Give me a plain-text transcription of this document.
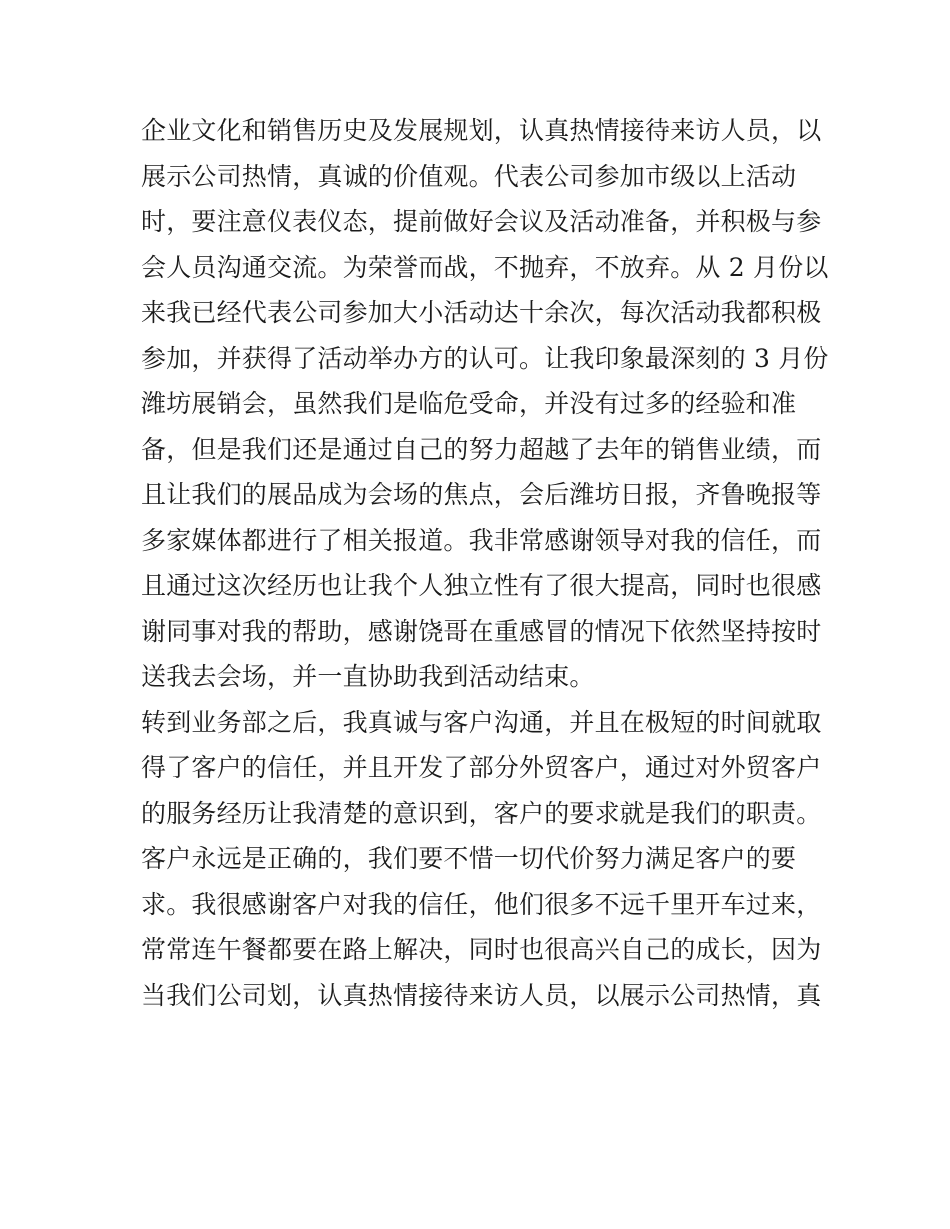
企业文化和销售历史及发展规划，认真热情接待来访人员，以
展示公司热情，真诚的价值观。代表公司参加市级以上活动
时，要注意仪表仪态，提前做好会议及活动准备，并积极与参
会人员沟通交流。为荣誉而战，不抛弃，不放弃。从 2 月份以
来我已经代表公司参加大小活动达十余次，每次活动我都积极
参加，并获得了活动举办方的认可。让我印象最深刻的 3 月份
潍坊展销会，虽然我们是临危受命，并没有过多的经验和准
备，但是我们还是通过自己的努力超越了去年的销售业绩，而
且让我们的展品成为会场的焦点，会后潍坊日报，齐鲁晚报等
多家媒体都进行了相关报道。我非常感谢领导对我的信任，而
且通过这次经历也让我个人独立性有了很大提高，同时也很感
谢同事对我的帮助，感谢饶哥在重感冒的情况下依然坚持按时
送我去会场，并一直协助我到活动结束。
转到业务部之后，我真诚与客户沟通，并且在极短的时间就取
得了客户的信任，并且开发了部分外贸客户，通过对外贸客户
的服务经历让我清楚的意识到，客户的要求就是我们的职责。
客户永远是正确的，我们要不惜一切代价努力满足客户的要
求。我很感谢客户对我的信任，他们很多不远千里开车过来，
常常连午餐都要在路上解决，同时也很高兴自己的成长，因为
当我们公司划，认真热情接待来访人员，以展示公司热情，真
